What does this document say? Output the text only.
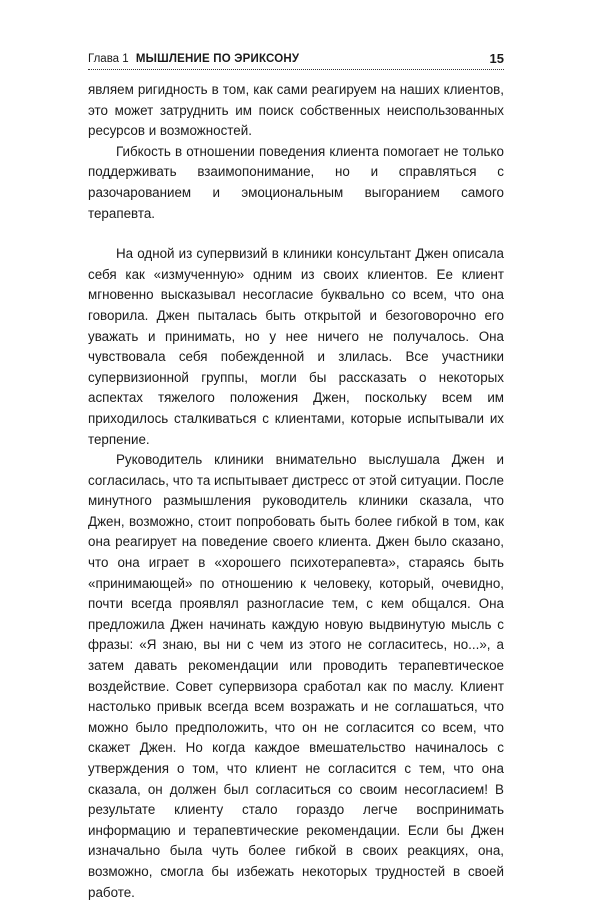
Глава 1 МЫШЛЕНИЕ ПО ЭРИКСОНУ	15

являем ригидность в том, как сами реагируем на наших клиентов, это может затруднить им поиск собственных неиспользованных ресурсов и возможностей.

Гибкость в отношении поведения клиента помогает не только поддерживать взаимопонимание, но и справляться с разочарованием и эмоциональным выгоранием самого терапевта.

На одной из супервизий в клиники консультант Джен описала себя как «измученную» одним из своих клиентов. Ее клиент мгновенно высказывал несогласие буквально со всем, что она говорила. Джен пыталась быть открытой и безоговорочно его уважать и принимать, но у нее ничего не получалось. Она чувствовала себя побежденной и злилась. Все участники супервизионной группы, могли бы рассказать о некоторых аспектах тяжелого положения Джен, поскольку всем им приходилось сталкиваться с клиентами, которые испытывали их терпение.

Руководитель клиники внимательно выслушала Джен и согласилась, что та испытывает дистресс от этой ситуации. После минутного размышления руководитель клиники сказала, что Джен, возможно, стоит попробовать быть более гибкой в том, как она реагирует на поведение своего клиента. Джен было сказано, что она играет в «хорошего психотерапевта», стараясь быть «принимающей» по отношению к человеку, который, очевидно, почти всегда проявлял разногласие тем, с кем общался. Она предложила Джен начинать каждую новую выдвинутую мысль с фразы: «Я знаю, вы ни с чем из этого не согласитесь, но...», а затем давать рекомендации или проводить терапевтическое воздействие. Совет супервизора сработал как по маслу. Клиент настолько привык всегда всем возражать и не соглашаться, что можно было предположить, что он не согласится со всем, что скажет Джен. Но когда каждое вмешательство начиналось с утверждения о том, что клиент не согласится с тем, что она сказала, он должен был согласиться со своим несогласием! В результате клиенту стало гораздо легче воспринимать информацию и терапевтические рекомендации. Если бы Джен изначально была чуть более гибкой в своих реакциях, она, возможно, смогла бы избежать некоторых трудностей в своей работе.
